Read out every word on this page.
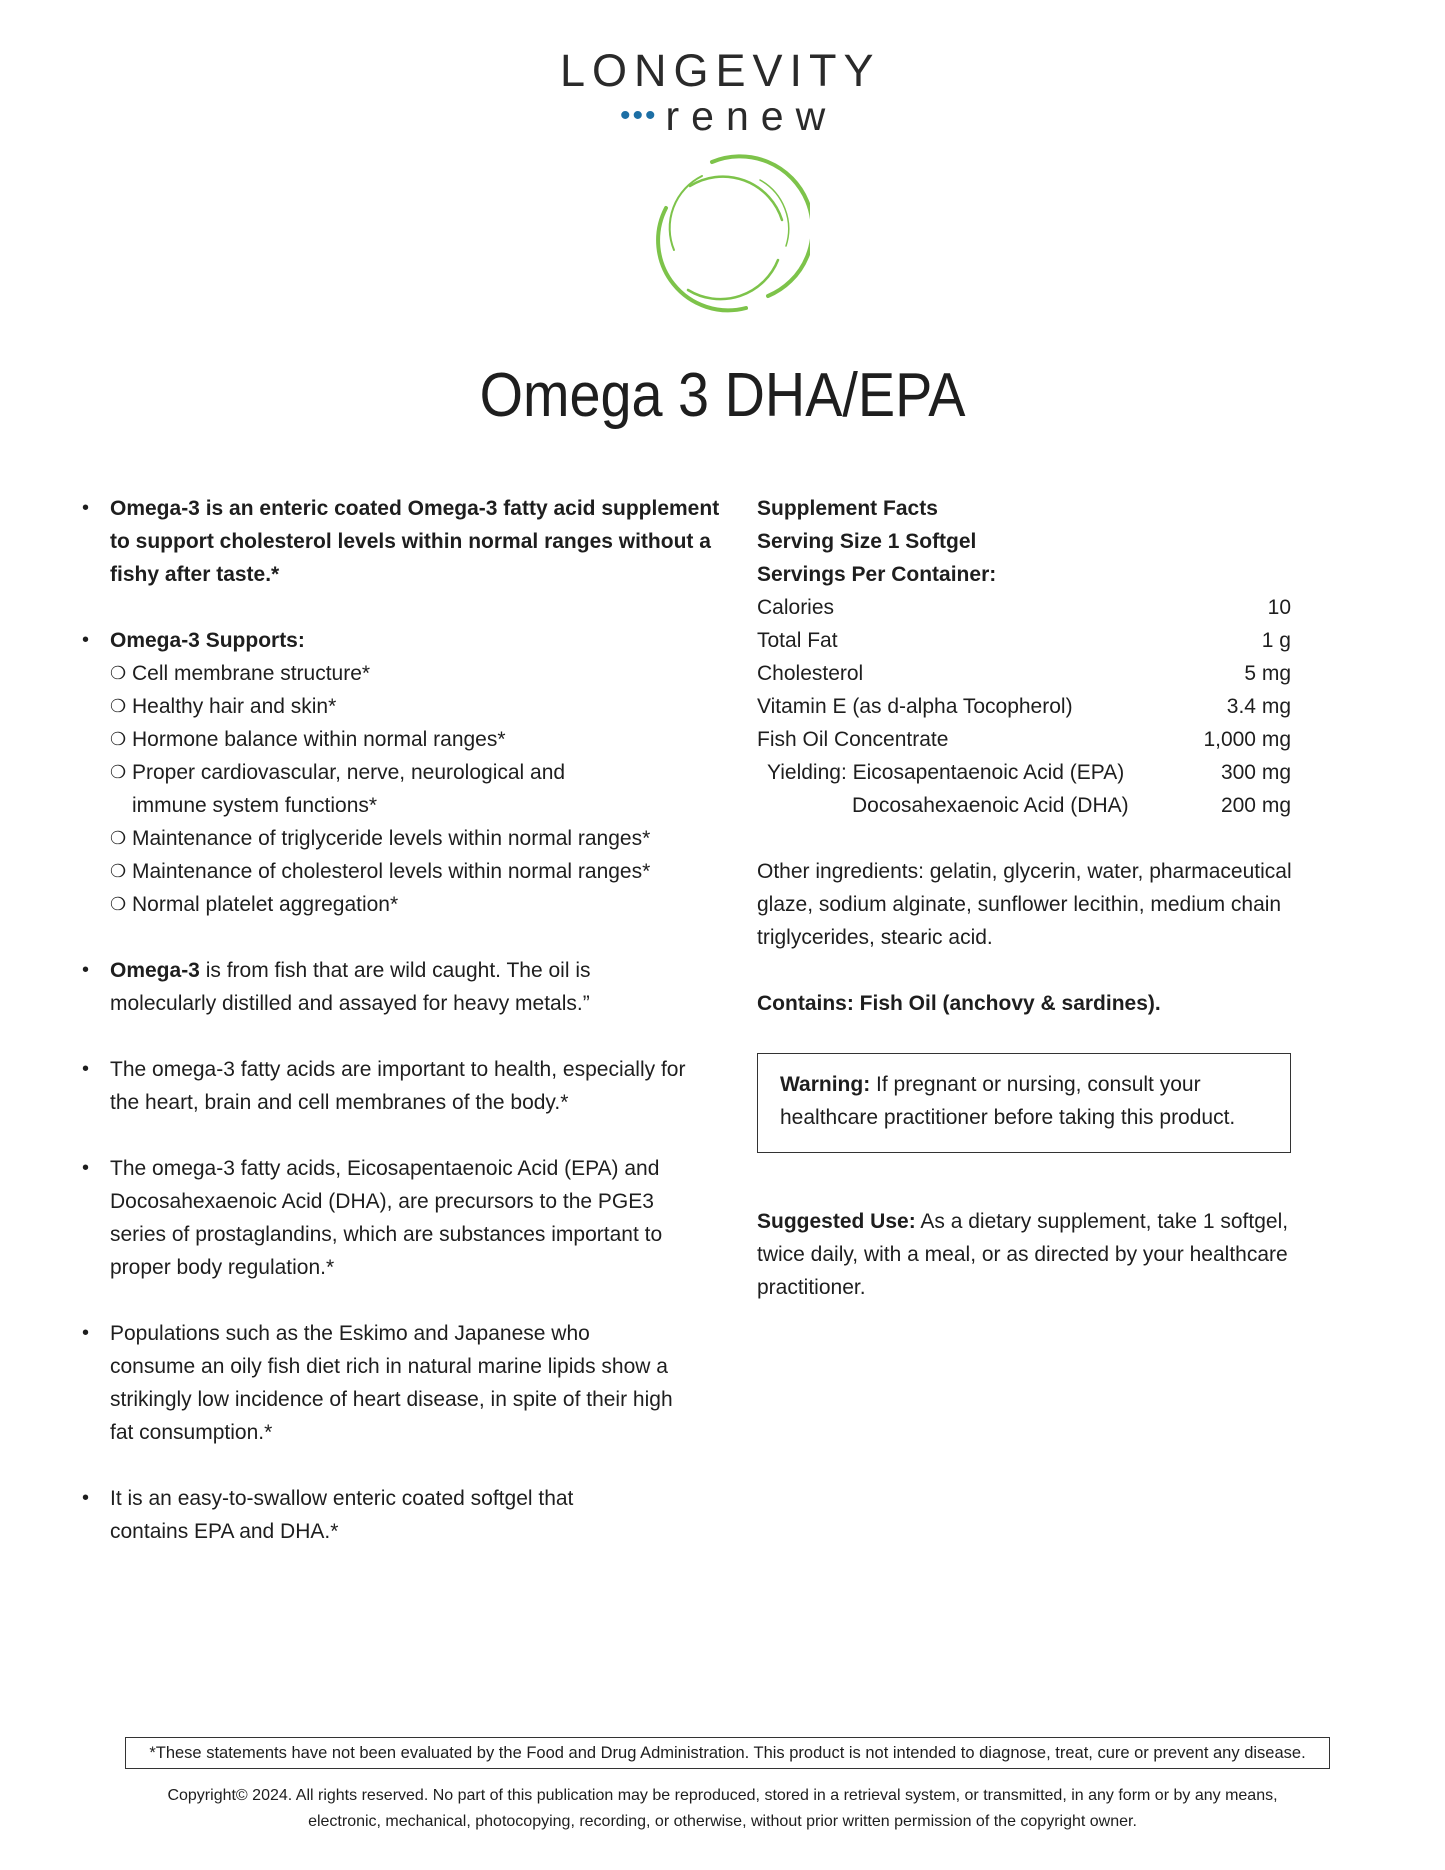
LONGEVITY
••• renew
Omega 3 DHA/EPA
• Omega-3 is an enteric coated Omega-3 fatty acid supplement to support cholesterol levels within normal ranges without a fishy after taste.*
• Omega-3 Supports:
❍ Cell membrane structure*
❍ Healthy hair and skin*
❍ Hormone balance within normal ranges*
❍ Proper cardiovascular, nerve, neurological and immune system functions*
❍ Maintenance of triglyceride levels within normal ranges*
❍ Maintenance of cholesterol levels within normal ranges*
❍ Normal platelet aggregation*
• Omega-3 is from fish that are wild caught. The oil is molecularly distilled and assayed for heavy metals.”
• The omega-3 fatty acids are important to health, especially for the heart, brain and cell membranes of the body.*
• The omega-3 fatty acids, Eicosapentaenoic Acid (EPA) and Docosahexaenoic Acid (DHA), are precursors to the PGE3 series of prostaglandins, which are substances important to proper body regulation.*
• Populations such as the Eskimo and Japanese who consume an oily fish diet rich in natural marine lipids show a strikingly low incidence of heart disease, in spite of their high fat consumption.*
• It is an easy-to-swallow enteric coated softgel that contains EPA and DHA.*
Supplement Facts
Serving Size 1 Softgel
Servings Per Container:
Calories	10
Total Fat	1 g
Cholesterol	5 mg
Vitamin E (as d-alpha Tocopherol)	3.4 mg
Fish Oil Concentrate	1,000 mg
Yielding: Eicosapentaenoic Acid (EPA)	300 mg
Docosahexaenoic Acid (DHA)	200 mg

Other ingredients: gelatin, glycerin, water, pharmaceutical glaze, sodium alginate, sunflower lecithin, medium chain triglycerides, stearic acid.

Contains: Fish Oil (anchovy & sardines).

Warning: If pregnant or nursing, consult your healthcare practitioner before taking this product.

Suggested Use: As a dietary supplement, take 1 softgel, twice daily, with a meal, or as directed by your healthcare practitioner.

*These statements have not been evaluated by the Food and Drug Administration. This product is not intended to diagnose, treat, cure or prevent any disease.
Copyright© 2024. All rights reserved. No part of this publication may be reproduced, stored in a retrieval system, or transmitted, in any form or by any means,
electronic, mechanical, photocopying, recording, or otherwise, without prior written permission of the copyright owner.
